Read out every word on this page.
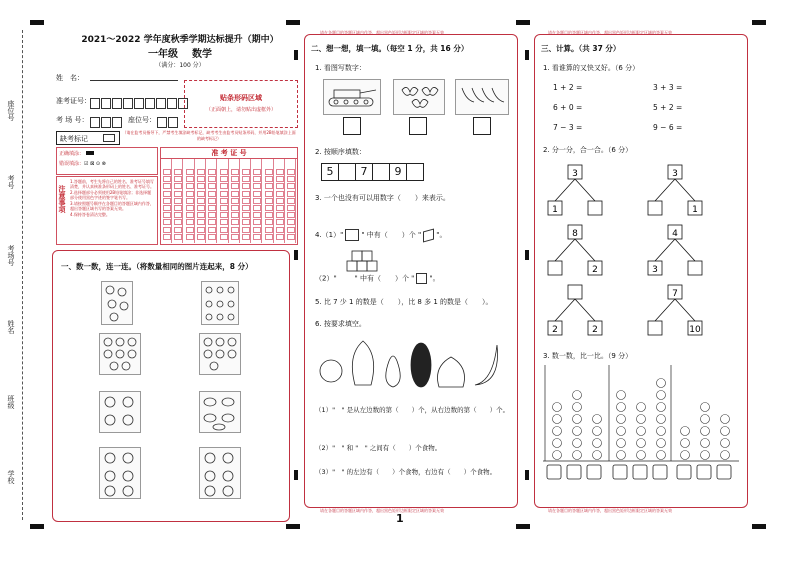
座位号
考号
考场号
姓名
班级
学校
2021～2022 学年度秋季学期达标提升（期中）
一年级 数学
（满分：100 分）
姓　名：
准考证号：
考 场 号：	座位号：
贴条形码区域
（正面朝上，请勿贴出虚框外）
缺考标记
（请在监考员指导下，严禁考生填涂缺考标记，缺考考生由监考员贴条形码，并用2B铅笔填涂上面的缺考标记）
正确填涂：
错误填涂：☑ ⊠ ⊙ ⊗
准 考 证 号
注意事项
1.答题前，考生先将自己的姓名、准考证号填写清楚，并认真核准条形码上的姓名、准考证号。
2.选择题部分必须使用2B铅笔填涂；非选择题部分使用黑色字迹的签字笔书写。
3.请按照题号顺序在各题目的答题区域内作答，超出答题区域书写的答案无效。
4.保持答卷清洁完整。
一、数一数，连一连。（将数量相同的图片连起来，8 分）
请在各题目的答题区域内作答，超出黑色矩形边框限定区域的答案无效
二、想一想，填一填。（每空 1 分，共 16 分）
1. 看图写数字：
2. 按顺序填数：
5	7	9
3. 一个也没有可以用数字（　　）来表示。
4.（1）"	" 中有（　　）个 " "。
（2）"	" 中有（　　）个 " "。
5. 比 7 少 1 的数是（　　），比 8 多 1 的数是（　　）。
6. 按要求填空。
（1）"　" 是从左边数的第（　　）个，从右边数的第（　　）个。
（2）"　" 和 "　" 之间有（　　）个食物。
（3）"　" 的左边有（　　）个食物，右边有（　　）个食物。
请在各题目的答题区域内作答，超出黑色矩形边框限定区域的答案无效
1
请在各题目的答题区域内作答，超出黑色矩形边框限定区域的答案无效
三、计算。（共 37 分）
1. 看谁算的又快又好。（6 分）
1 + 2 =	3 + 3 =
6 + 0 =	5 + 2 =
7 − 3 =	9 − 6 =
2. 分一分，合一合。（6 分）
3
1
3
1
8
2
4
3
2	2
7
10
3. 数一数，比一比。（9 分）
请在各题目的答题区域内作答，超出黑色矩形边框限定区域的答案无效
